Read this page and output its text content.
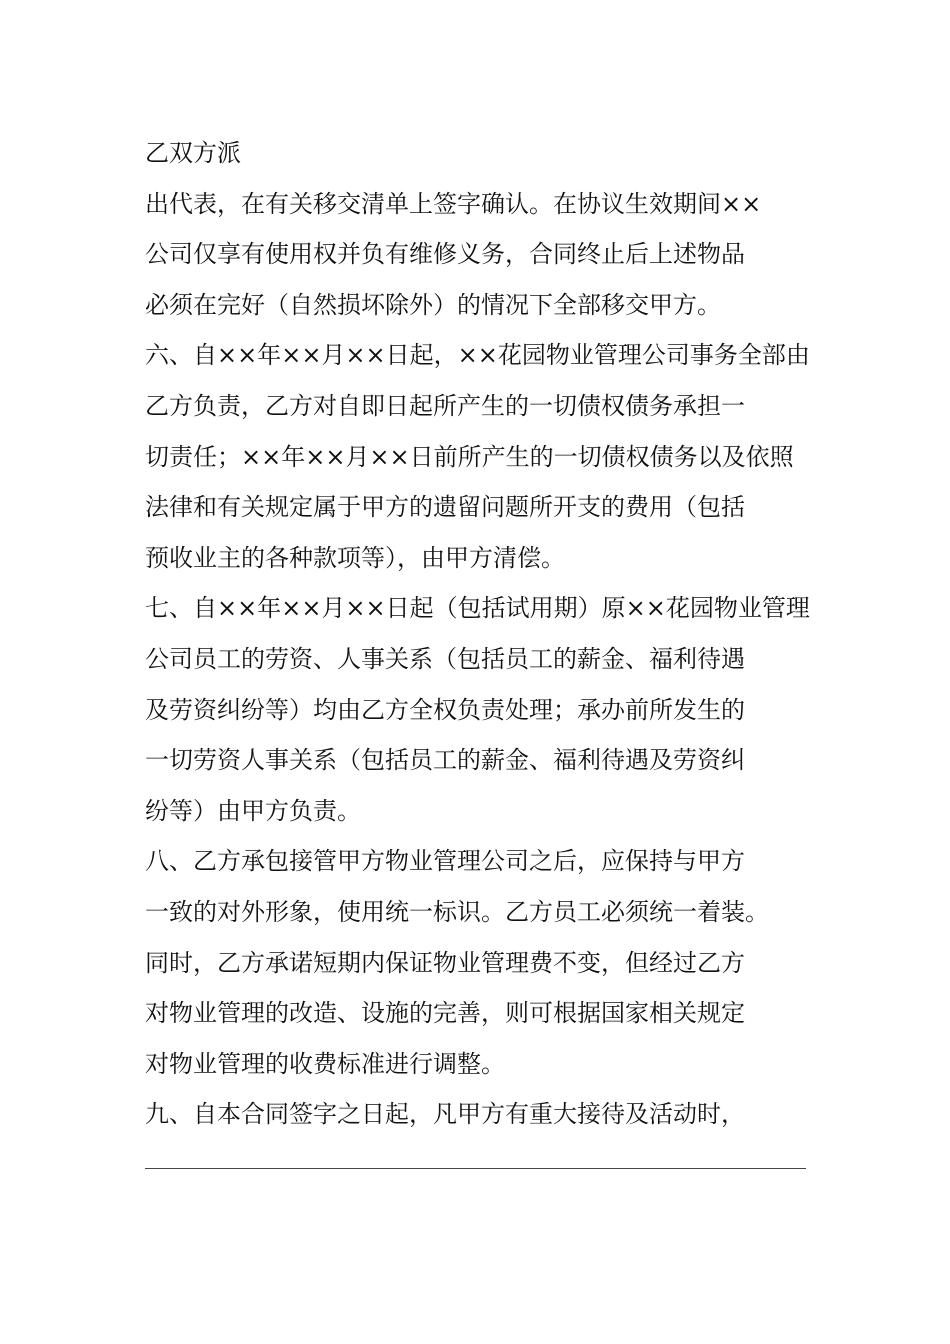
乙双方派
出代表，在有关移交清单上签字确认。在协议生效期间××
公司仅享有使用权并负有维修义务，合同终止后上述物品
必须在完好（自然损坏除外）的情况下全部移交甲方。
六、自××年××月××日起，××花园物业管理公司事务全部由
乙方负责，乙方对自即日起所产生的一切债权债务承担一
切责任；××年××月××日前所产生的一切债权债务以及依照
法律和有关规定属于甲方的遗留问题所开支的费用（包括
预收业主的各种款项等），由甲方清偿。
七、自××年××月××日起（包括试用期）原××花园物业管理
公司员工的劳资、人事关系（包括员工的薪金、福利待遇
及劳资纠纷等）均由乙方全权负责处理；承办前所发生的
一切劳资人事关系（包括员工的薪金、福利待遇及劳资纠
纷等）由甲方负责。
八、乙方承包接管甲方物业管理公司之后，应保持与甲方
一致的对外形象，使用统一标识。乙方员工必须统一着装。
同时，乙方承诺短期内保证物业管理费不变，但经过乙方
对物业管理的改造、设施的完善，则可根据国家相关规定
对物业管理的收费标准进行调整。
九、自本合同签字之日起，凡甲方有重大接待及活动时，
